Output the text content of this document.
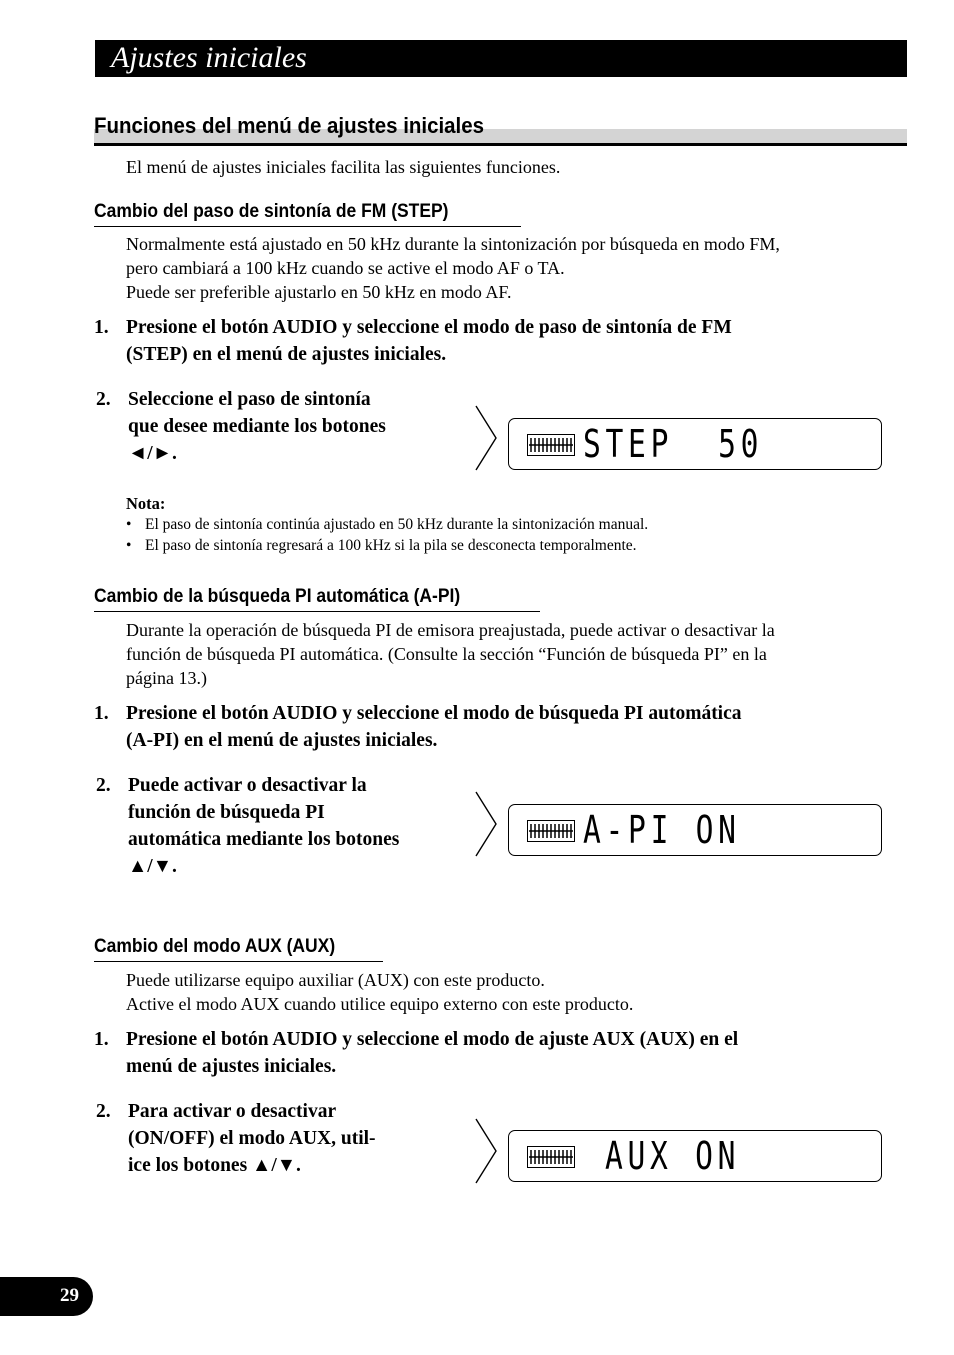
Ajustes iniciales
Funciones del menú de ajustes iniciales
El menú de ajustes iniciales facilita las siguientes funciones.
Cambio del paso de sintonía de FM (STEP)
Normalmente está ajustado en 50 kHz durante la sintonización por búsqueda en modo FM,
pero cambiará a 100 kHz cuando se active el modo AF o TA.
Puede ser preferible ajustarlo en 50 kHz en modo AF.
1. Presione el botón AUDIO y seleccione el modo de paso de sintonía de FM
(STEP) en el menú de ajustes iniciales.
2. Seleccione el paso de sintonía
que desee mediante los botones
◄/►.	STEP  50
Nota:
• El paso de sintonía continúa ajustado en 50 kHz durante la sintonización manual.
• El paso de sintonía regresará a 100 kHz si la pila se desconecta temporalmente.
Cambio de la búsqueda PI automática (A-PI)
Durante la operación de búsqueda PI de emisora preajustada, puede activar o desactivar la
función de búsqueda PI automática. (Consulte la sección “Función de búsqueda PI” en la
página 13.)
1. Presione el botón AUDIO y seleccione el modo de búsqueda PI automática
(A-PI) en el menú de ajustes iniciales.
2. Puede activar o desactivar la
función de búsqueda PI
automática mediante los botones
▲/▼.
A-PI ON
Cambio del modo AUX (AUX)
Puede utilizarse equipo auxiliar (AUX) con este producto.
Active el modo AUX cuando utilice equipo externo con este producto.
1. Presione el botón AUDIO y seleccione el modo de ajuste AUX (AUX) en el
menú de ajustes iniciales.
2. Para activar o desactivar
(ON/OFF) el modo AUX, util-
ice los botones ▲/▼.	AUX ON
29
